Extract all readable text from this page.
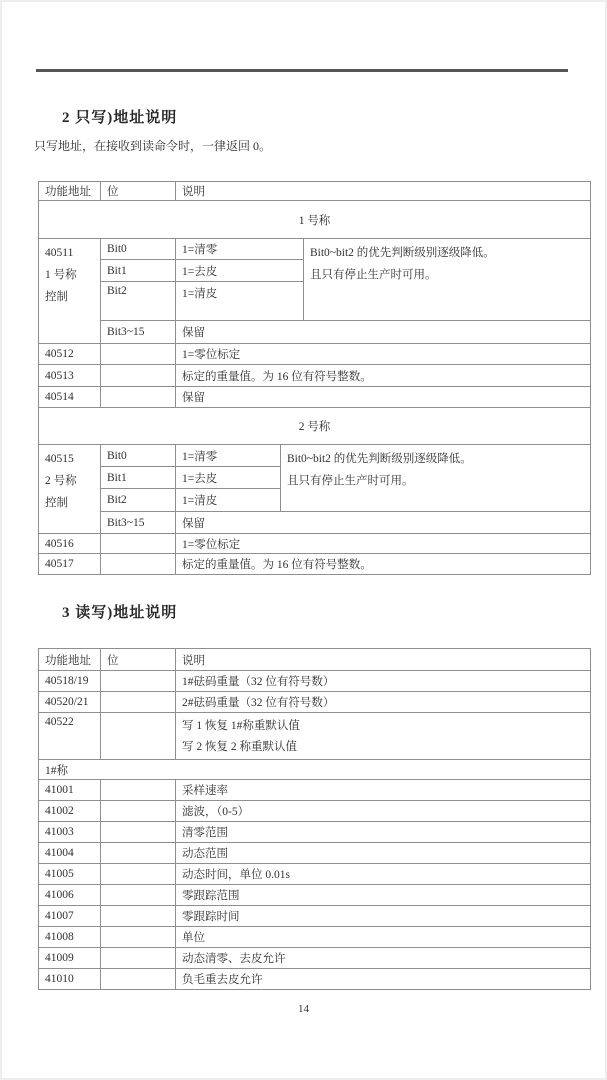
2 只写)地址说明
只写地址，在接收到读命令时，一律返回 0。
功能地址	位	说明		
1 号称				

40511
1 号称
控制
	Bit0	1=清零	Bit0~bit2 的优先判断级别逐级降低。
且只有停止生产时可用。

	Bit1	1=去皮		
	Bit2	1=清皮		
	Bit3~15	保留		
40512		1=零位标定		
40513		标定的重量值。为 16 位有符号整数。		
40514		保留		
2 号称				

40515
2 号称
控制
	Bit0	1=清零	Bit0~bit2 的优先判断级别逐级降低。
且只有停止生产时可用。

	Bit1	1=去皮		
	Bit2	1=清皮		
	Bit3~15	保留		
40516		1=零位标定		
40517		标定的重量值。为 16 位有符号整数。		
3 读写)地址说明
功能地址	位	说明
40518/19		1#砝码重量（32 位有符号数）
40520/21		2#砝码重量（32 位有符号数）
40522		写 1 恢复 1#称重默认值
写 2 恢复 2 称重默认值

1#称		
41001		采样速率
41002		滤波，（0-5）
41003		清零范围
41004		动态范围
41005		动态时间，单位 0.01s
41006		零跟踪范围
41007		零跟踪时间
41008		单位
41009		动态清零、去皮允许
41010		负毛重去皮允许
14
